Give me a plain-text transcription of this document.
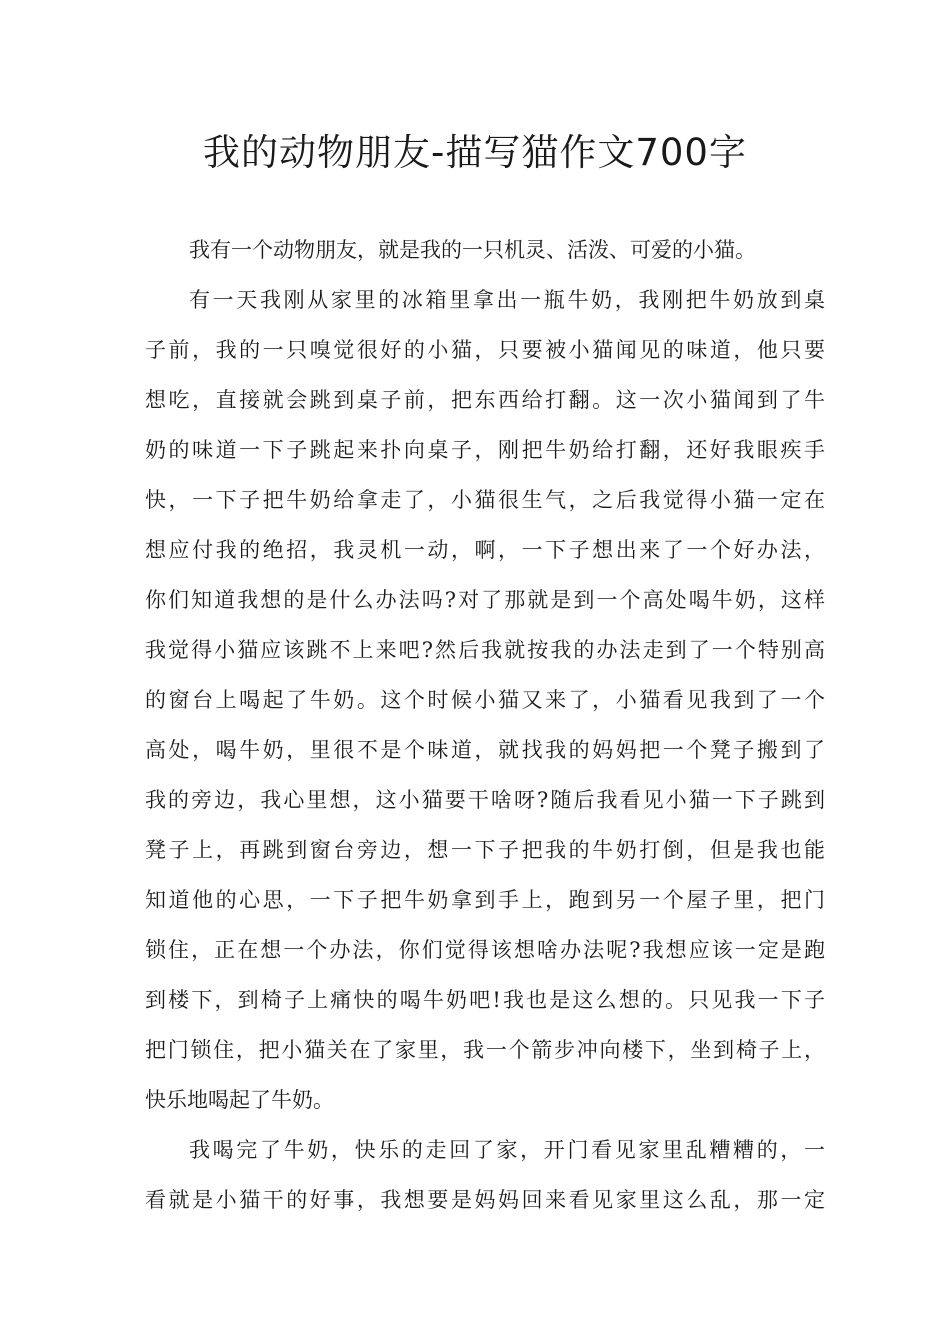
我的动物朋友-描写猫作文700字
我有一个动物朋友，就是我的一只机灵、活泼、可爱的小猫。
有一天我刚从家里的冰箱里拿出一瓶牛奶，我刚把牛奶放到桌
子前，我的一只嗅觉很好的小猫，只要被小猫闻见的味道，他只要
想吃，直接就会跳到桌子前，把东西给打翻。这一次小猫闻到了牛
奶的味道一下子跳起来扑向桌子，刚把牛奶给打翻，还好我眼疾手
快，一下子把牛奶给拿走了，小猫很生气，之后我觉得小猫一定在
想应付我的绝招，我灵机一动，啊，一下子想出来了一个好办法，
你们知道我想的是什么办法吗?对了那就是到一个高处喝牛奶，这样
我觉得小猫应该跳不上来吧?然后我就按我的办法走到了一个特别高
的窗台上喝起了牛奶。这个时候小猫又来了，小猫看见我到了一个
高处，喝牛奶，里很不是个味道，就找我的妈妈把一个凳子搬到了
我的旁边，我心里想，这小猫要干啥呀?随后我看见小猫一下子跳到
凳子上，再跳到窗台旁边，想一下子把我的牛奶打倒，但是我也能
知道他的心思，一下子把牛奶拿到手上，跑到另一个屋子里，把门
锁住，正在想一个办法，你们觉得该想啥办法呢?我想应该一定是跑
到楼下，到椅子上痛快的喝牛奶吧!我也是这么想的。只见我一下子
把门锁住，把小猫关在了家里，我一个箭步冲向楼下，坐到椅子上，
快乐地喝起了牛奶。
我喝完了牛奶，快乐的走回了家，开门看见家里乱糟糟的，一
看就是小猫干的好事，我想要是妈妈回来看见家里这么乱，那一定
